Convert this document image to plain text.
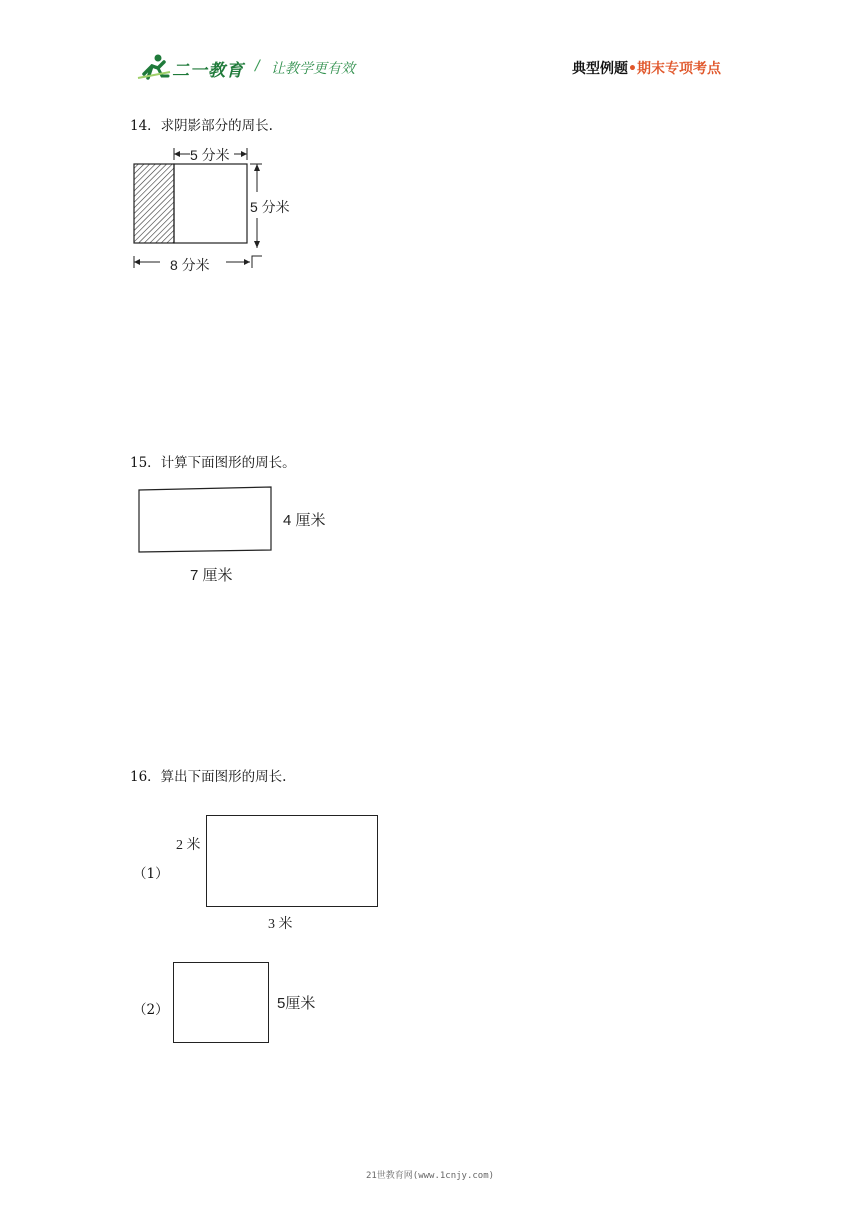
二一教育 / 让教学更有效	典型例题•期末专项考点
14．求阴影部分的周长.
5 分米
5 分米
8 分米
15．计算下面图形的周长。
4 厘米
7 厘米
16．算出下面图形的周长.
（1）
2 米
3 米
（2）	5厘米
21世教育网(www.1cnjy.com)
